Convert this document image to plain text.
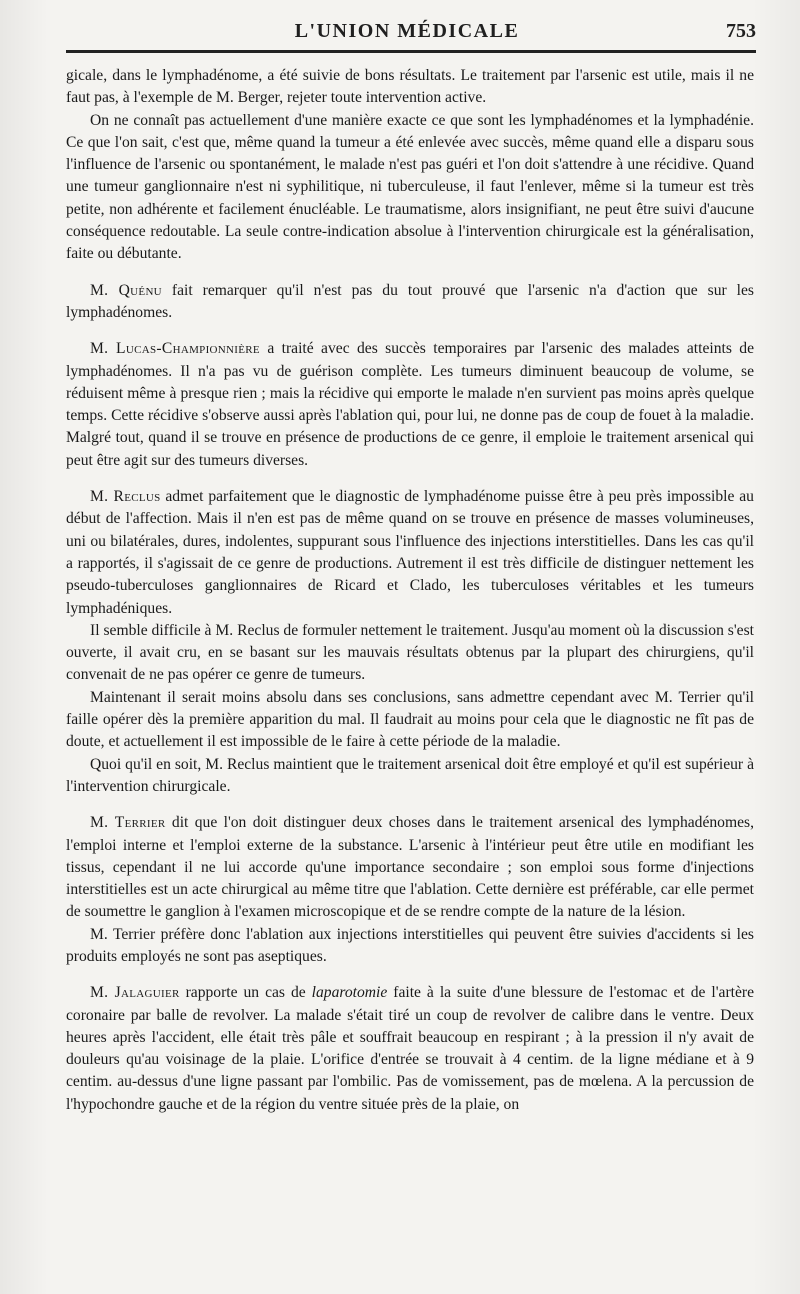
L'UNION MÉDICALE	753

gicale, dans le lymphadénome, a été suivie de bons résultats. Le traitement par l'arsenic est utile, mais il ne faut pas, à l'exemple de M. Berger, rejeter toute intervention active.

On ne connaît pas actuellement d'une manière exacte ce que sont les lymphadénomes et la lymphadénie. Ce que l'on sait, c'est que, même quand la tumeur a été enlevée avec succès, même quand elle a disparu sous l'influence de l'arsenic ou spontanément, le malade n'est pas guéri et l'on doit s'attendre à une récidive. Quand une tumeur ganglionnaire n'est ni syphilitique, ni tuberculeuse, il faut l'enlever, même si la tumeur est très petite, non adhérente et facilement énucléable. Le traumatisme, alors insignifiant, ne peut être suivi d'aucune conséquence redoutable. La seule contre-indication absolue à l'intervention chirurgicale est la généralisation, faite ou débutante.

M. Quénu fait remarquer qu'il n'est pas du tout prouvé que l'arsenic n'a d'action que sur les lymphadénomes.

M. Lucas-Championnière a traité avec des succès temporaires par l'arsenic des malades atteints de lymphadénomes. Il n'a pas vu de guérison complète. Les tumeurs diminuent beaucoup de volume, se réduisent même à presque rien ; mais la récidive qui emporte le malade n'en survient pas moins après quelque temps. Cette récidive s'observe aussi après l'ablation qui, pour lui, ne donne pas de coup de fouet à la maladie. Malgré tout, quand il se trouve en présence de productions de ce genre, il emploie le traitement arsenical qui peut être agit sur des tumeurs diverses.

M. Reclus admet parfaitement que le diagnostic de lymphadénome puisse être à peu près impossible au début de l'affection. Mais il n'en est pas de même quand on se trouve en présence de masses volumineuses, uni ou bilatérales, dures, indolentes, suppurant sous l'influence des injections interstitielles. Dans les cas qu'il a rapportés, il s'agissait de ce genre de productions. Autrement il est très difficile de distinguer nettement les pseudo-tuberculoses ganglionnaires de Ricard et Clado, les tuberculoses véritables et les tumeurs lymphadéniques.

Il semble difficile à M. Reclus de formuler nettement le traitement. Jusqu'au moment où la discussion s'est ouverte, il avait cru, en se basant sur les mauvais résultats obtenus par la plupart des chirurgiens, qu'il convenait de ne pas opérer ce genre de tumeurs.

Maintenant il serait moins absolu dans ses conclusions, sans admettre cependant avec M. Terrier qu'il faille opérer dès la première apparition du mal. Il faudrait au moins pour cela que le diagnostic ne fît pas de doute, et actuellement il est impossible de le faire à cette période de la maladie.

Quoi qu'il en soit, M. Reclus maintient que le traitement arsenical doit être employé et qu'il est supérieur à l'intervention chirurgicale.

M. Terrier dit que l'on doit distinguer deux choses dans le traitement arsenical des lymphadénomes, l'emploi interne et l'emploi externe de la substance. L'arsenic à l'intérieur peut être utile en modifiant les tissus, cependant il ne lui accorde qu'une importance secondaire ; son emploi sous forme d'injections interstitielles est un acte chirurgical au même titre que l'ablation. Cette dernière est préférable, car elle permet de soumettre le ganglion à l'examen microscopique et de se rendre compte de la nature de la lésion.

M. Terrier préfère donc l'ablation aux injections interstitielles qui peuvent être suivies d'accidents si les produits employés ne sont pas aseptiques.

M. Jalaguier rapporte un cas de laparotomie faite à la suite d'une blessure de l'estomac et de l'artère coronaire par balle de revolver. La malade s'était tiré un coup de revolver de calibre dans le ventre. Deux heures après l'accident, elle était très pâle et souffrait beaucoup en respirant ; à la pression il n'y avait de douleurs qu'au voisinage de la plaie. L'orifice d'entrée se trouvait à 4 centim. de la ligne médiane et à 9 centim. au-dessus d'une ligne passant par l'ombilic. Pas de vomissement, pas de mœlena. A la percussion de l'hypochondre gauche et de la région du ventre située près de la plaie, on
